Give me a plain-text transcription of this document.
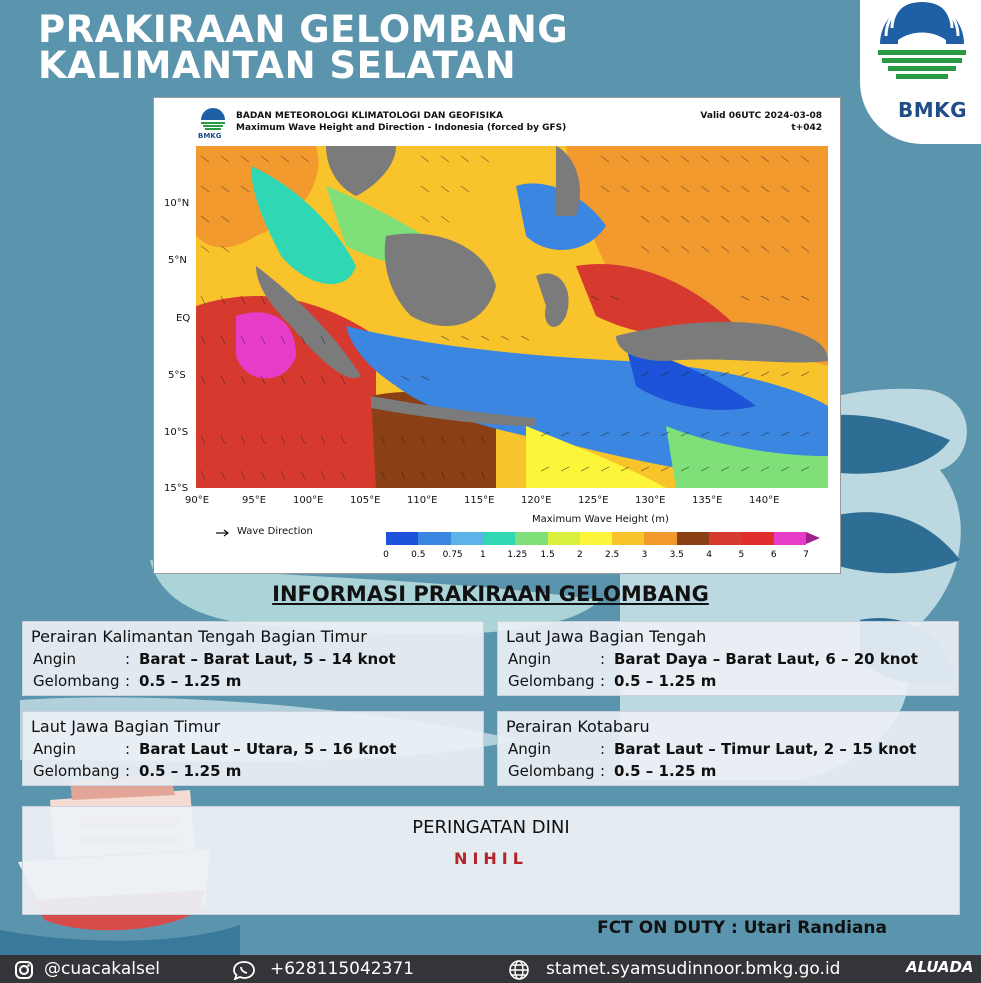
PRAKIRAAN GELOMBANG
KALIMANTAN SELATAN
BMKG
BMKG
BADAN METEOROLOGI KLIMATOLOGI DAN GEOFISIKA
Maximum Wave Height and Direction - Indonesia (forced by GFS)
Valid 06UTC 2024-03-08
t+042
10°N
5°N
EQ
5°S
10°S
15°S
90°E	95°E	100°E	105°E	110°E	115°E	120°E	125°E	130°E	135°E	140°E
Wave Direction
Maximum Wave Height (m)
0	0.5 0.75	1	1.25 1.5	2	2.5	3	3.5	4	5	6	7
INFORMASI PRAKIRAAN GELOMBANG
Perairan Kalimantan Tengah Bagian Timur
Angin	: Barat – Barat Laut, 5 – 14 knot
Gelombang : 0.5 – 1.25 m
Laut Jawa Bagian Tengah
Angin	: Barat Daya – Barat Laut, 6 – 20 knot
Gelombang : 0.5 – 1.25 m
Laut Jawa Bagian Timur
Angin	: Barat Laut – Utara, 5 – 16 knot
Gelombang : 0.5 – 1.25 m
Perairan Kotabaru
Angin	: Barat Laut – Timur Laut, 2 – 15 knot
Gelombang : 0.5 – 1.25 m
PERINGATAN DINI
NIHIL
FCT ON DUTY : Utari Randiana
@cuacakalsel	+628115042371	stamet.syamsudinnoor.bmkg.go.id	ALUADA
